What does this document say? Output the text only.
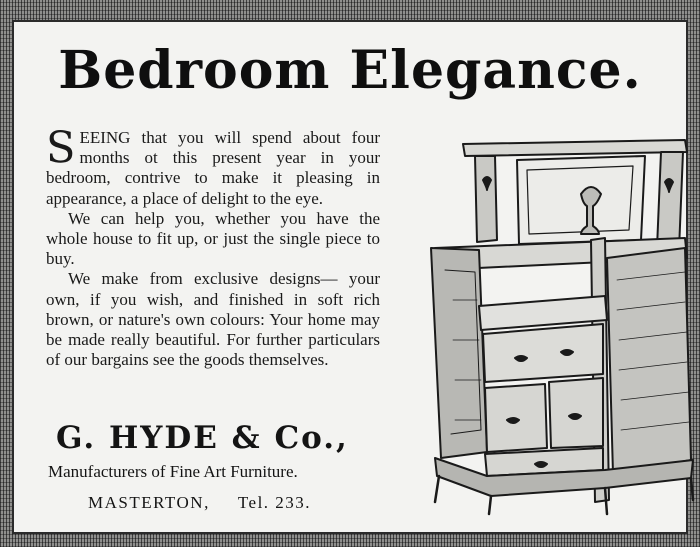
Bedroom Elegance.

SEEING that you will spend about four months ot this present year in your bedroom, contrive to make it pleasing in appearance, a place of delight to the eye.

We can help you, whether you have the whole house to fit up, or just the single piece to buy.

We make from exclusive designs— your own, if you wish, and finished in soft rich brown, or nature's own colours: Your home may be made really beautiful. For further particulars of our bargains see the goods themselves.

G. HYDE & Co.,
Manufacturers of Fine Art Furniture.
MASTERTON, Tel. 233.
